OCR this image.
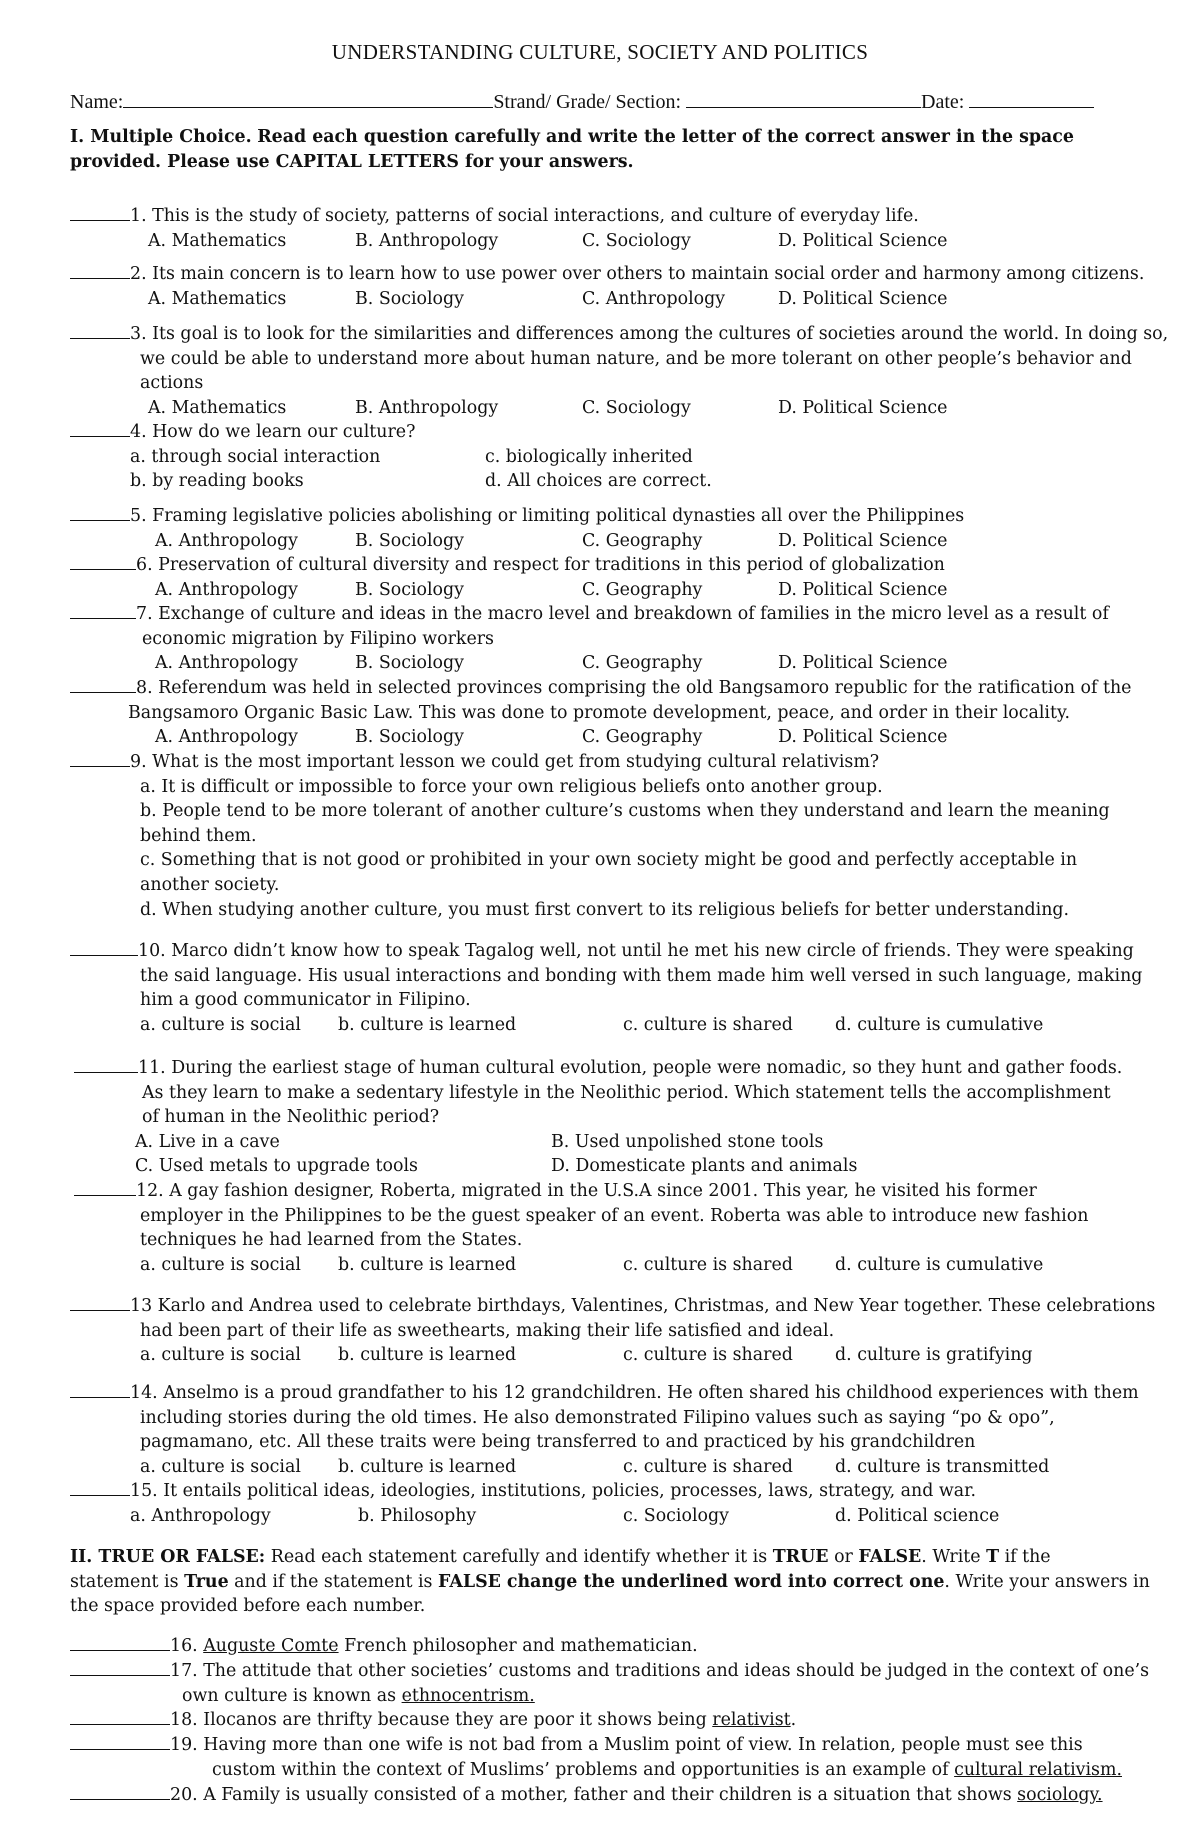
UNDERSTANDING CULTURE, SOCIETY AND POLITICS
Name:	Strand/ Grade/ Section:	Date:
I. Multiple Choice. Read each question carefully and write the letter of the correct answer in the space provided. Please use CAPITAL LETTERS for your answers.
1. This is the study of society, patterns of social interactions, and culture of everyday life.
A. Mathematics	B. Anthropology	C. Sociology	D. Political Science
2. Its main concern is to learn how to use power over others to maintain social order and harmony among citizens.
A. Mathematics	B. Sociology	C. Anthropology	D. Political Science
3. Its goal is to look for the similarities and differences among the cultures of societies around the world. In doing so,
we could be able to understand more about human nature, and be more tolerant on other people’s behavior and
actions
A. Mathematics	B. Anthropology	C. Sociology	D. Political Science
4. How do we learn our culture?
a. through social interaction	c. biologically inherited
b. by reading books	d. All choices are correct.
5. Framing legislative policies abolishing or limiting political dynasties all over the Philippines
A. Anthropology	B. Sociology	C. Geography	D. Political Science
6. Preservation of cultural diversity and respect for traditions in this period of globalization
A. Anthropology	B. Sociology	C. Geography	D. Political Science
7. Exchange of culture and ideas in the macro level and breakdown of families in the micro level as a result of
economic migration by Filipino workers
A. Anthropology	B. Sociology	C. Geography	D. Political Science
8. Referendum was held in selected provinces comprising the old Bangsamoro republic for the ratification of the
Bangsamoro Organic Basic Law. This was done to promote development, peace, and order in their locality.
A. Anthropology	B. Sociology	C. Geography	D. Political Science
9. What is the most important lesson we could get from studying cultural relativism?
a. It is difficult or impossible to force your own religious beliefs onto another group.
b. People tend to be more tolerant of another culture’s customs when they understand and learn the meaning behind them.
c. Something that is not good or prohibited in your own society might be good and perfectly acceptable in another society.
d. When studying another culture, you must first convert to its religious beliefs for better understanding.
10. Marco didn’t know how to speak Tagalog well, not until he met his new circle of friends. They were speaking
the said language. His usual interactions and bonding with them made him well versed in such language, making
him a good communicator in Filipino.
a. culture is social b. culture is learned	c. culture is shared d. culture is cumulative
11. During the earliest stage of human cultural evolution, people were nomadic, so they hunt and gather foods.
As they learn to make a sedentary lifestyle in the Neolithic period. Which statement tells the accomplishment
of human in the Neolithic period?
A. Live in a cave	B. Used unpolished stone tools
C. Used metals to upgrade tools	D. Domesticate plants and animals
12. A gay fashion designer, Roberta, migrated in the U.S.A since 2001. This year, he visited his former
employer in the Philippines to be the guest speaker of an event. Roberta was able to introduce new fashion
techniques he had learned from the States.
a. culture is social b. culture is learned	c. culture is shared d. culture is cumulative
13 Karlo and Andrea used to celebrate birthdays, Valentines, Christmas, and New Year together. These celebrations
had been part of their life as sweethearts, making their life satisfied and ideal.
a. culture is social b. culture is learned	c. culture is shared d. culture is gratifying
14. Anselmo is a proud grandfather to his 12 grandchildren. He often shared his childhood experiences with them
including stories during the old times. He also demonstrated Filipino values such as saying “po & opo”,
pagmamano, etc. All these traits were being transferred to and practiced by his grandchildren
a. culture is social b. culture is learned	c. culture is shared d. culture is transmitted
15. It entails political ideas, ideologies, institutions, policies, processes, laws, strategy, and war.
a. Anthropology	b. Philosophy	c. Sociology	d. Political science
II. TRUE OR FALSE: Read each statement carefully and identify whether it is TRUE or FALSE. Write T if the
statement is True and if the statement is FALSE change the underlined word into correct one. Write your answers in
the space provided before each number.
16. Auguste Comte French philosopher and mathematician.
17. The attitude that other societies’ customs and traditions and ideas should be judged in the context of one’s
own culture is known as ethnocentrism.
18. Ilocanos are thrifty because they are poor it shows being relativist.
19. Having more than one wife is not bad from a Muslim point of view. In relation, people must see this
custom within the context of Muslims’ problems and opportunities is an example of cultural relativism.
20. A Family is usually consisted of a mother, father and their children is a situation that shows sociology.
